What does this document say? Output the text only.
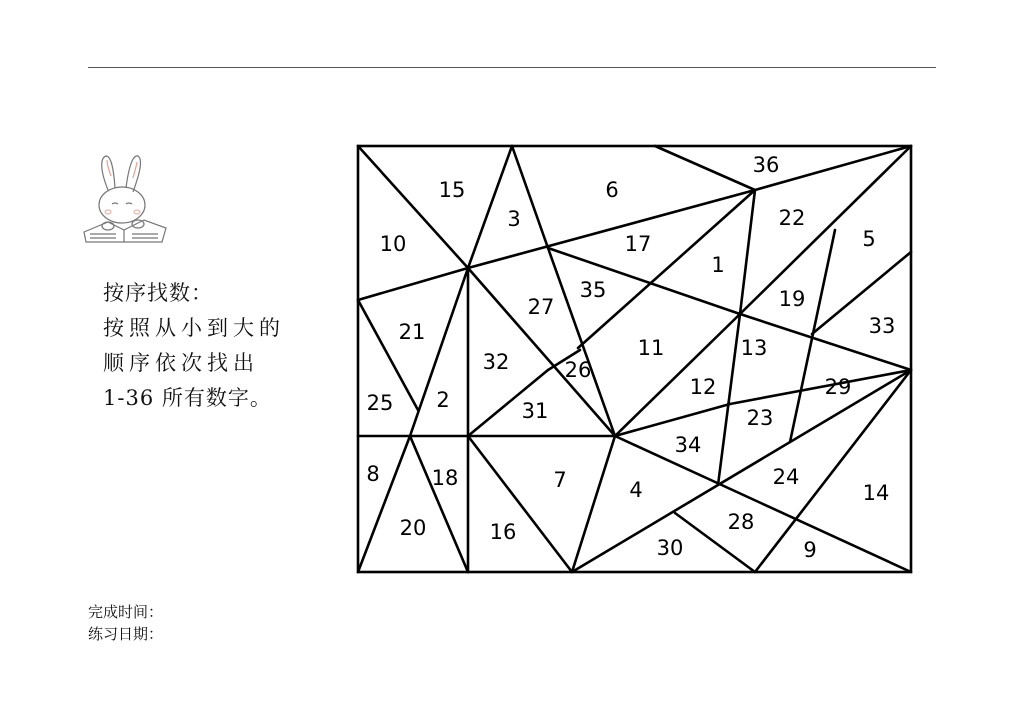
按序找数：
按照从小到大的
顺序依次找出
1-36 所有数字。
15
3
6
36
10	17
22
5
1
35
27	19
21	33
11	13
32	26
29
12
25 2	31	23
34
8 18	7	4
24
14
28
20	16
30	9
完成时间：
练习日期：
